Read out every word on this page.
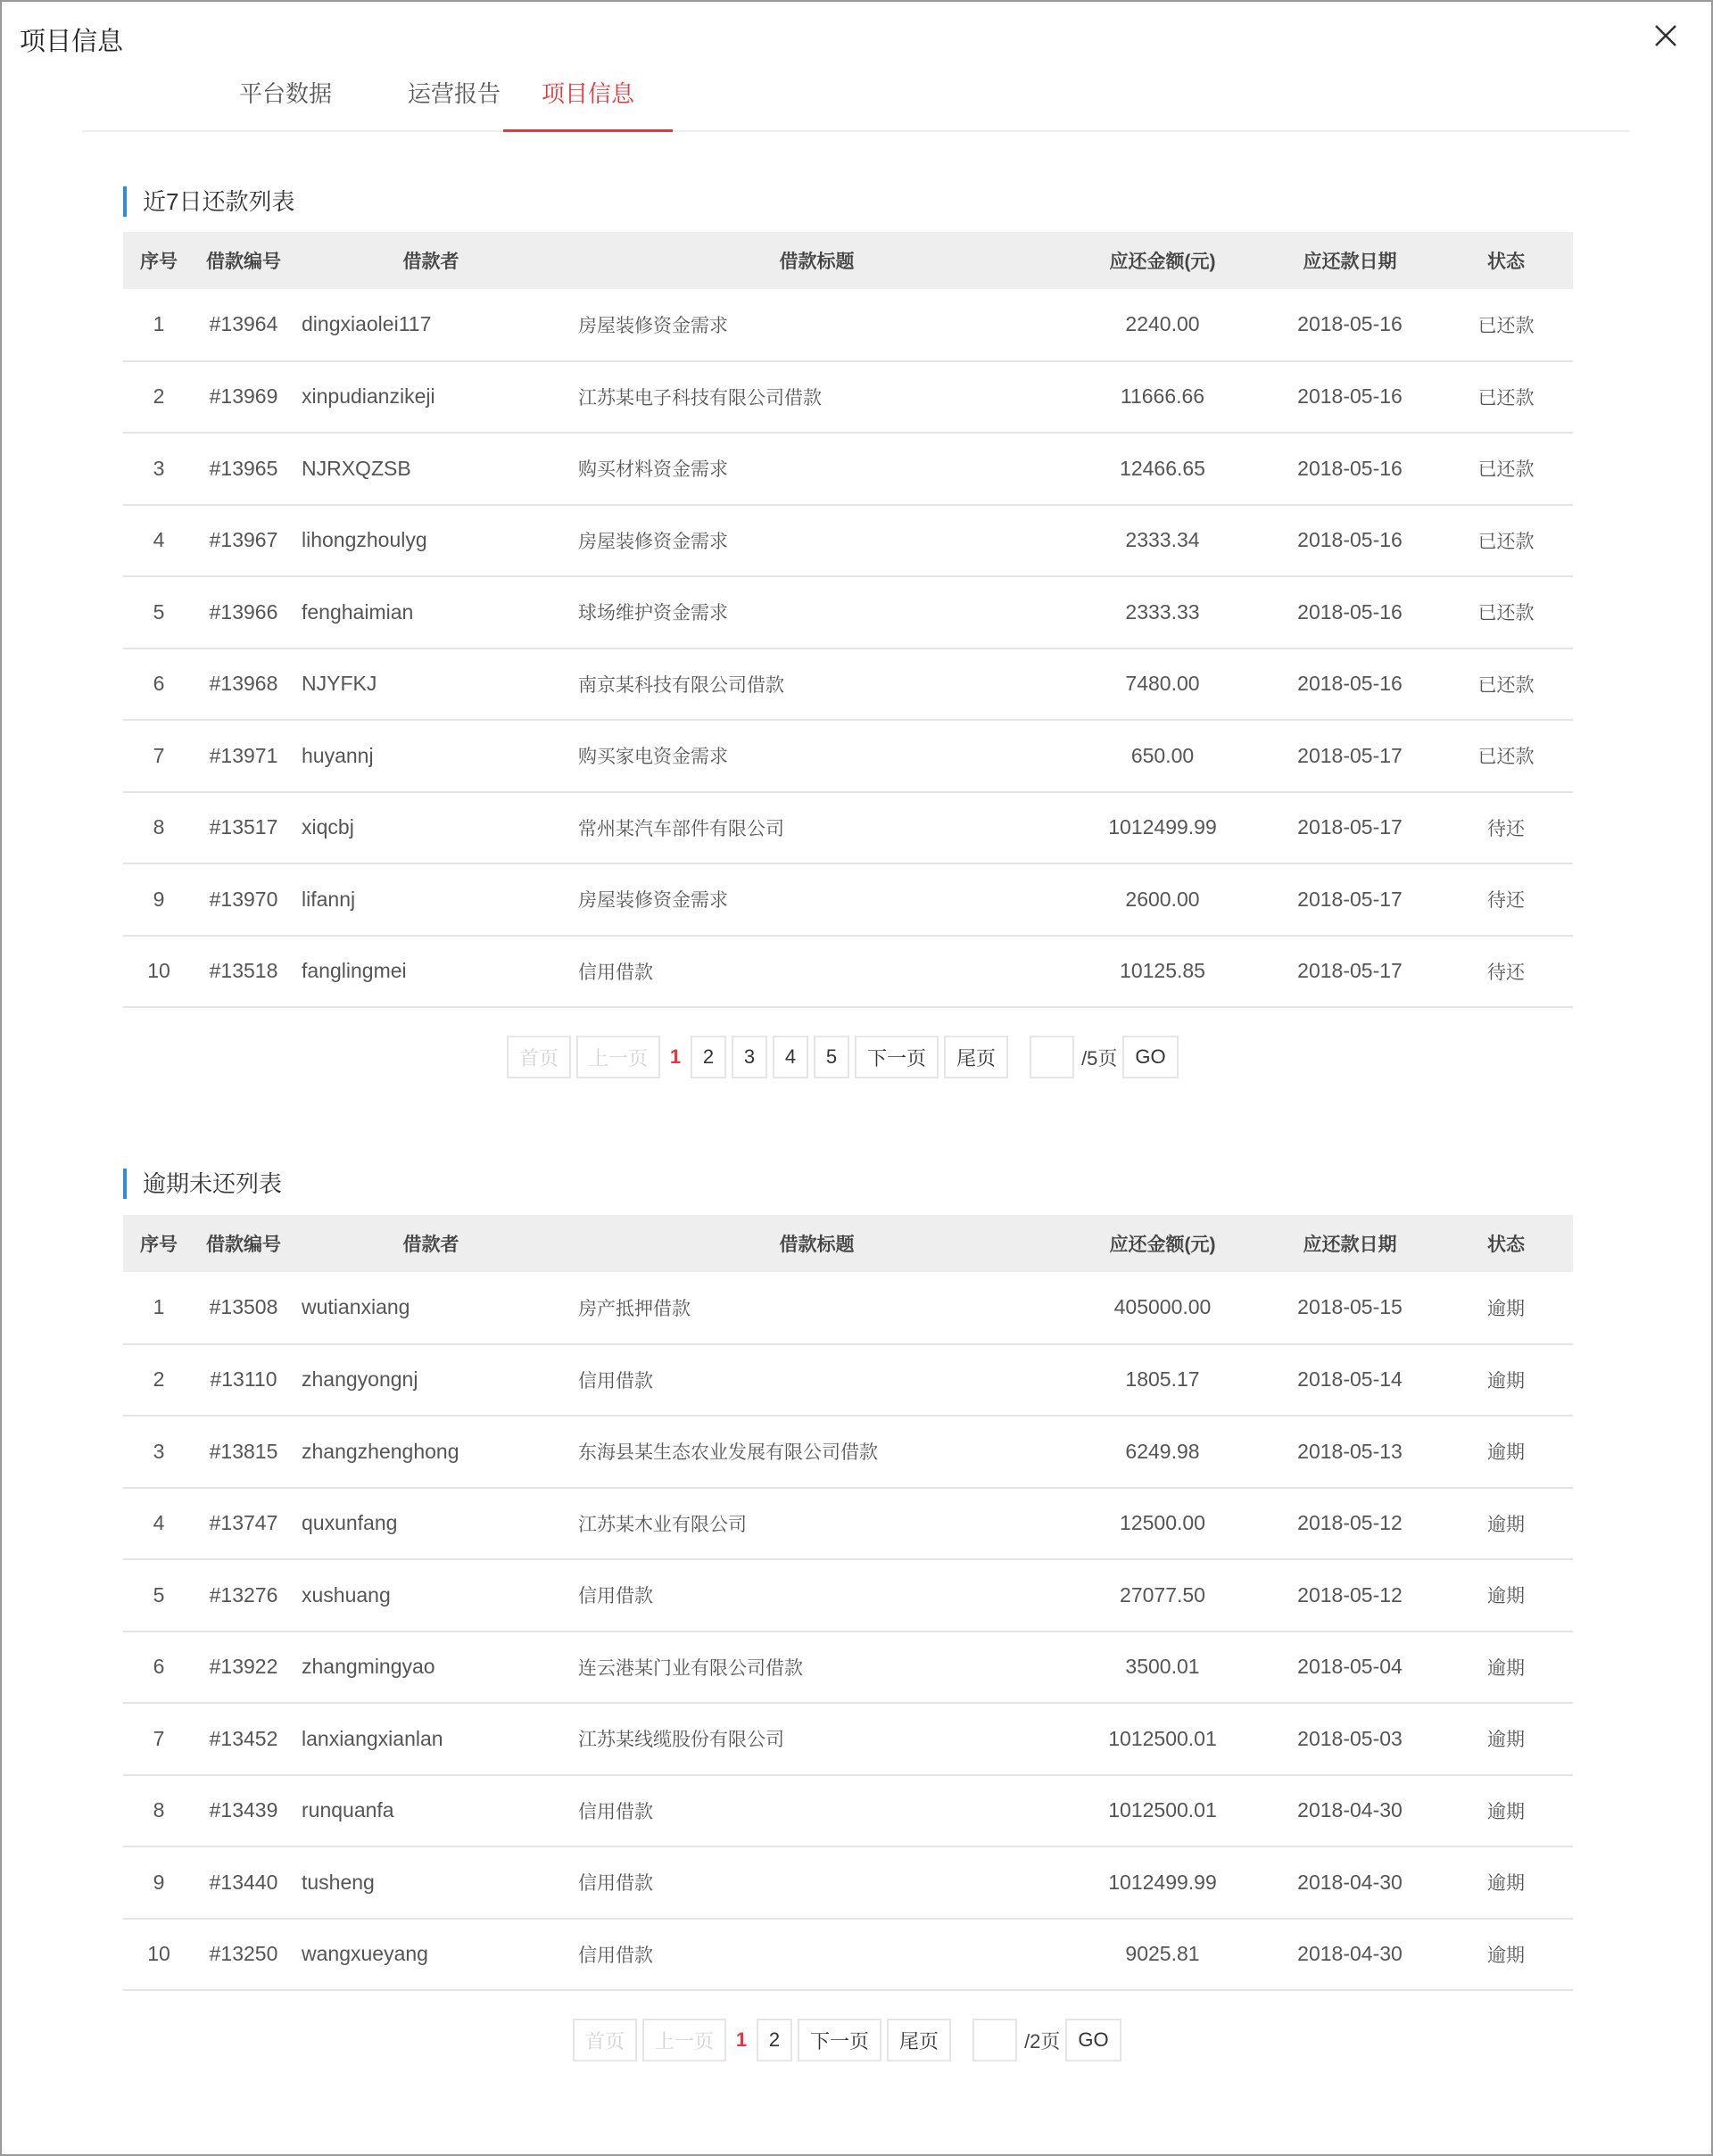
项目信息
平台数据	运营报告	项目信息
近7日还款列表
序号	借款编号	借款者	借款标题	应还金额(元)	应还款日期	状态
1	#13964	dingxiaolei117	房屋装修资金需求	2240.00	2018-05-16	已还款
2	#13969	xinpudianzikeji	江苏某电子科技有限公司借款	11666.66	2018-05-16	已还款
3	#13965	NJRXQZSB	购买材料资金需求	12466.65	2018-05-16	已还款
4	#13967	lihongzhoulyg	房屋装修资金需求	2333.34	2018-05-16	已还款
5	#13966	fenghaimian	球场维护资金需求	2333.33	2018-05-16	已还款
6	#13968	NJYFKJ	南京某科技有限公司借款	7480.00	2018-05-16	已还款
7	#13971	huyannj	购买家电资金需求	650.00	2018-05-17	已还款
8	#13517	xiqcbj	常州某汽车部件有限公司	1012499.99	2018-05-17	待还
9	#13970	lifannj	房屋装修资金需求	2600.00	2018-05-17	待还
10	#13518	fanglingmei	信用借款	10125.85	2018-05-17	待还
首页	上一页	1	2	3	4	5	下一页	尾页	/5页 GO
逾期未还列表
序号	借款编号	借款者	借款标题	应还金额(元)	应还款日期	状态
1	#13508	wutianxiang	房产抵押借款	405000.00	2018-05-15	逾期
2	#13110	zhangyongnj	信用借款	1805.17	2018-05-14	逾期
3	#13815	zhangzhenghong	东海县某生态农业发展有限公司借款	6249.98	2018-05-13	逾期
4	#13747	quxunfang	江苏某木业有限公司	12500.00	2018-05-12	逾期
5	#13276	xushuang	信用借款	27077.50	2018-05-12	逾期
6	#13922	zhangmingyao	连云港某门业有限公司借款	3500.01	2018-05-04	逾期
7	#13452	lanxiangxianlan	江苏某线缆股份有限公司	1012500.01	2018-05-03	逾期
8	#13439	runquanfa	信用借款	1012500.01	2018-04-30	逾期
9	#13440	tusheng	信用借款	1012499.99	2018-04-30	逾期
10	#13250	wangxueyang	信用借款	9025.81	2018-04-30	逾期
首页	上一页	1	2	下一页	尾页	/2页 GO
